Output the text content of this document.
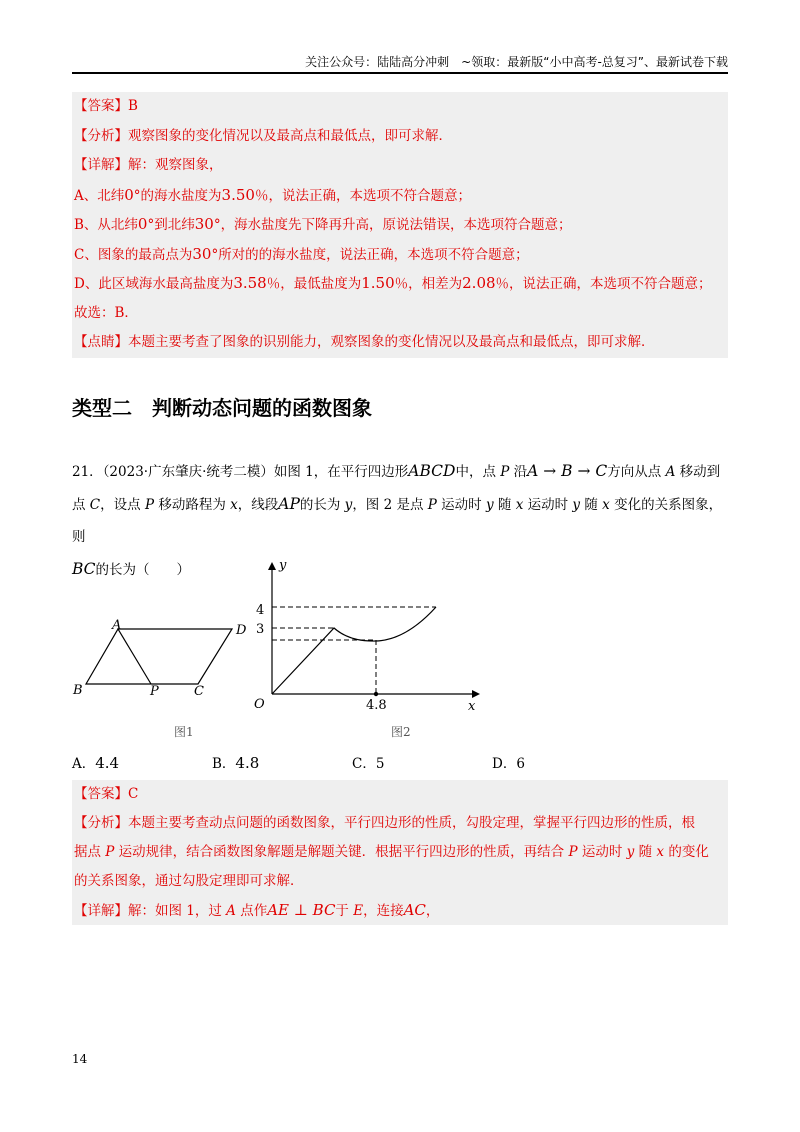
关注公众号：陆陆高分冲刺　~领取：最新版“小中高考-总复习”、最新试卷下载
【答案】B
【分析】观察图象的变化情况以及最高点和最低点，即可求解．
【详解】解：观察图象，
A、北纬0°的海水盐度为3.50％，说法正确，本选项不符合题意；
B、从北纬0°到北纬30°，海水盐度先下降再升高，原说法错误，本选项符合题意；
C、图象的最高点为30°所对的的海水盐度，说法正确，本选项不符合题意；
D、此区域海水最高盐度为3.58％，最低盐度为1.50％，相差为2.08％，说法正确，本选项不符合题意；
故选：B．
【点睛】本题主要考查了图象的识别能力，观察图象的变化情况以及最高点和最低点，即可求解．
类型二　判断动态问题的函数图象
21．（2023·广东肇庆·统考二模）如图 1，在平行四边形ABCD中，点 P 沿A → B → C方向从点 A 移动到
点 C，设点 P 移动路程为 x，线段AP的长为 y，图 2 是点 P 运动时 y 随 x 运动时 y 随 x 变化的关系图象，则
BC的长为（　　）
A	D
B	P	C
图1
y
x
O
4
3
4.8
图2
A．4.4	B．4.8	C．5	D．6
【答案】C
【分析】本题主要考查动点问题的函数图象，平行四边形的性质，勾股定理，掌握平行四边形的性质，根
据点 P 运动规律，结合函数图象解题是解题关键．根据平行四边形的性质，再结合 P 运动时 y 随 x 的变化
的关系图象，通过勾股定理即可求解．
【详解】解：如图 1，过 A 点作AE ⊥ BC于 E，连接AC，
14
